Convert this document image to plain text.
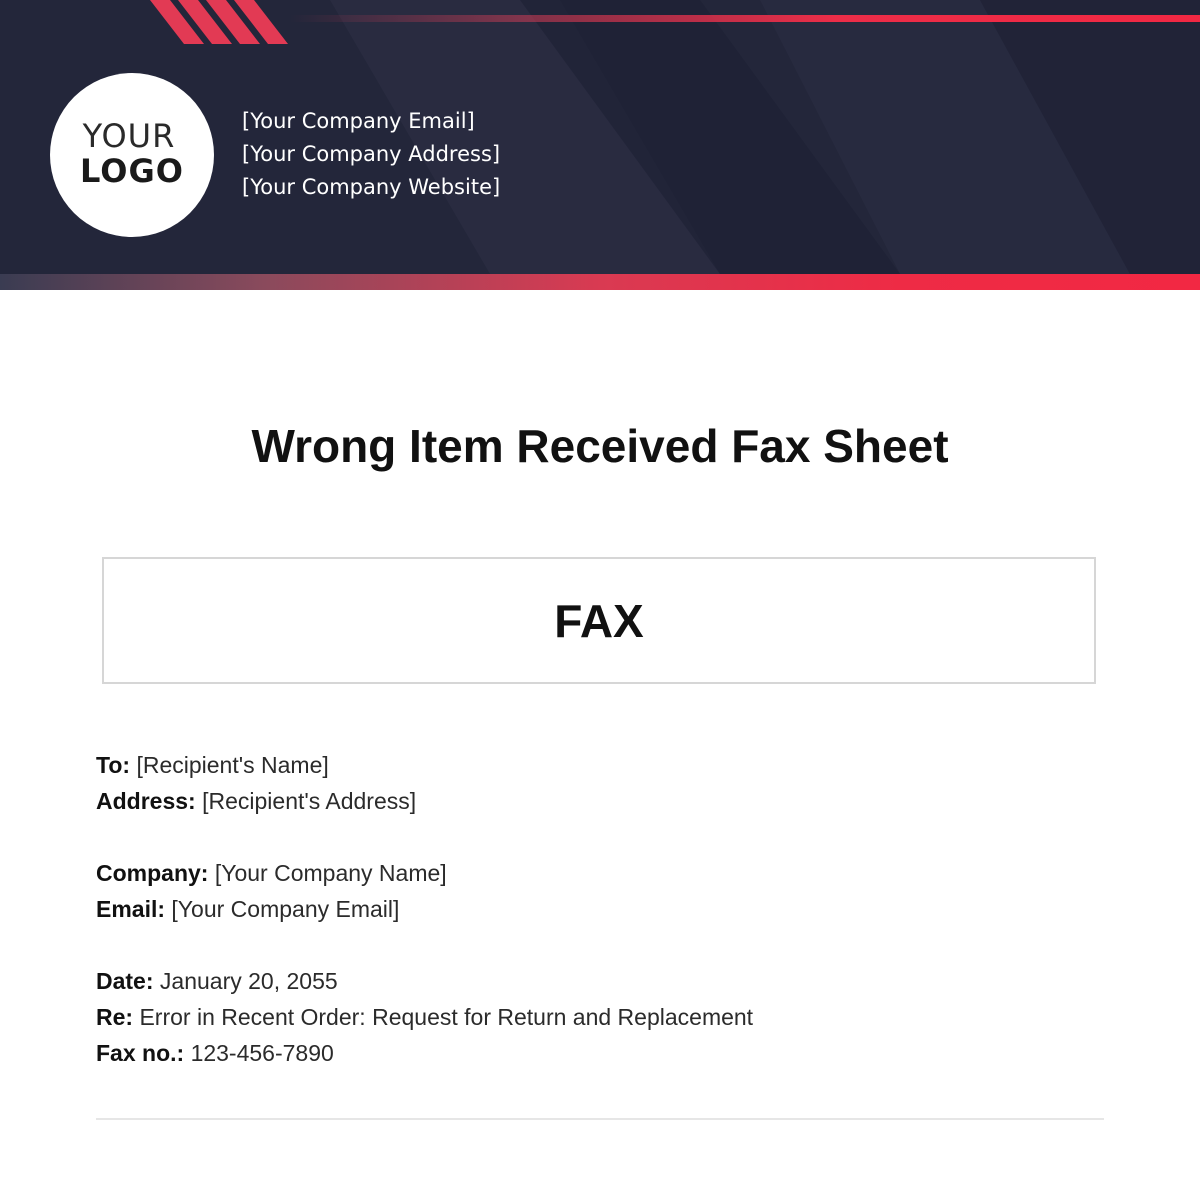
YOUR
LOGO
[Your Company Email]
[Your Company Address]
[Your Company Website]
Wrong Item Received Fax Sheet
FAX
To: [Recipient's Name]
Address: [Recipient's Address]
Company: [Your Company Name]
Email: [Your Company Email]
Date: January 20, 2055
Re: Error in Recent Order: Request for Return and Replacement
Fax no.: 123-456-7890
